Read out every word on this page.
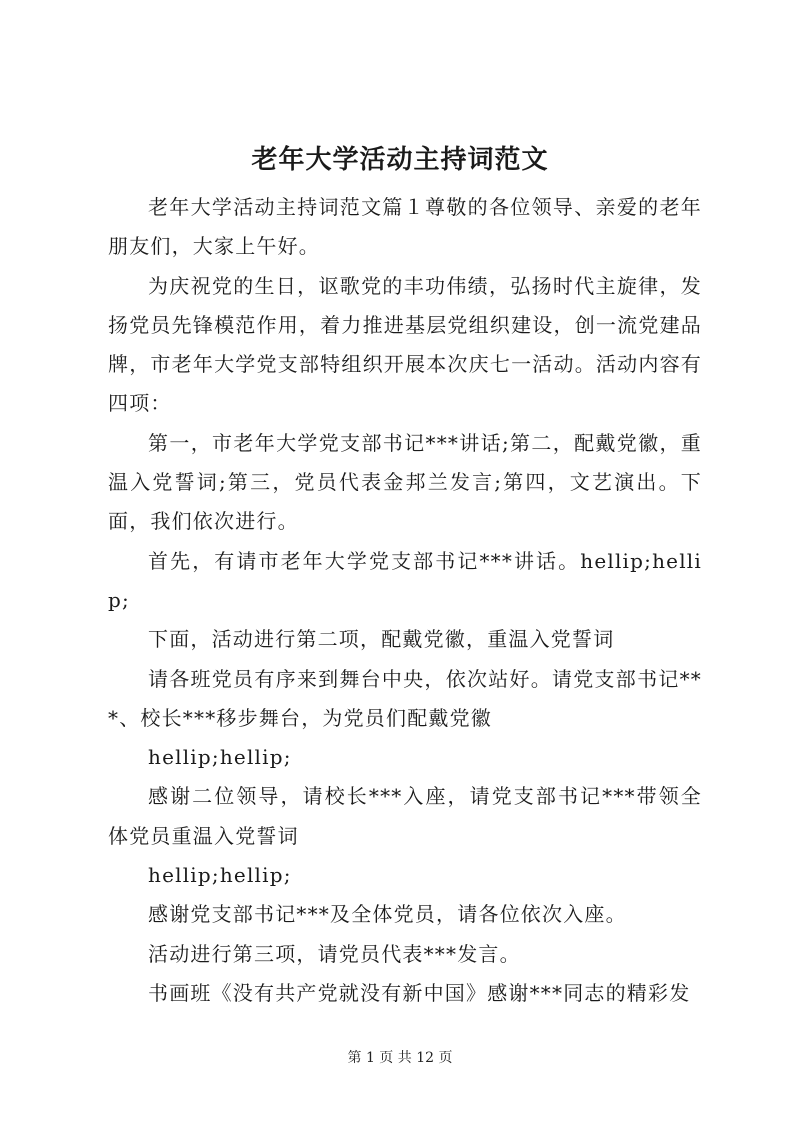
老年大学活动主持词范文

老年大学活动主持词范文篇１尊敬的各位领导、亲爱的老年朋友们，大家上午好。

为庆祝党的生日，讴歌党的丰功伟绩，弘扬时代主旋律，发扬党员先锋模范作用，着力推进基层党组织建设，创一流党建品牌，市老年大学党支部特组织开展本次庆七一活动。活动内容有四项：

第一，市老年大学党支部书记***讲话;第二，配戴党徽，重温入党誓词;第三，党员代表金邦兰发言;第四，文艺演出。下面，我们依次进行。

首先，有请市老年大学党支部书记***讲话。hellip;hellip;

下面，活动进行第二项，配戴党徽，重温入党誓词

请各班党员有序来到舞台中央，依次站好。请党支部书记***、校长***移步舞台，为党员们配戴党徽

hellip;hellip;

感谢二位领导，请校长***入座，请党支部书记***带领全体党员重温入党誓词

hellip;hellip;

感谢党支部书记***及全体党员，请各位依次入座。

活动进行第三项，请党员代表***发言。

书画班《没有共产党就没有新中国》感谢***同志的精彩发

第 1 页 共 12 页
